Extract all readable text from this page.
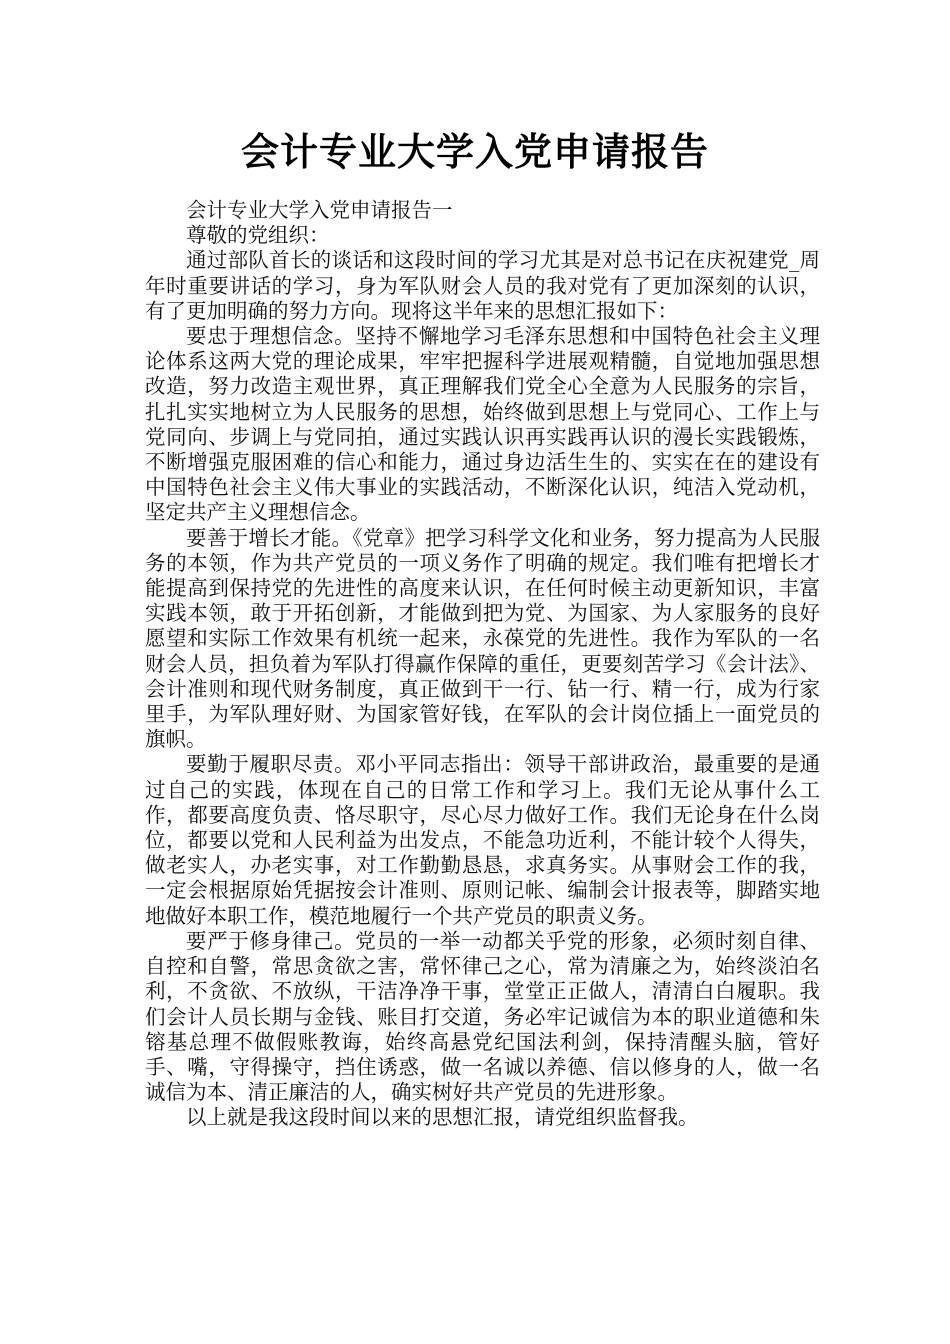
会计专业大学入党申请报告

会计专业大学入党申请报告一

尊敬的党组织：

通过部队首长的谈话和这段时间的学习尤其是对总书记在庆祝建党_周年时重要讲话的学习，身为军队财会人员的我对党有了更加深刻的认识，有了更加明确的努力方向。现将这半年来的思想汇报如下：

要忠于理想信念。坚持不懈地学习毛泽东思想和中国特色社会主义理论体系这两大党的理论成果，牢牢把握科学进展观精髓，自觉地加强思想改造，努力改造主观世界，真正理解我们党全心全意为人民服务的宗旨，扎扎实实地树立为人民服务的思想，始终做到思想上与党同心、工作上与党同向、步调上与党同拍，通过实践认识再实践再认识的漫长实践锻炼，不断增强克服困难的信心和能力，通过身边活生生的、实实在在的建设有中国特色社会主义伟大事业的实践活动，不断深化认识，纯洁入党动机，坚定共产主义理想信念。

要善于增长才能。《党章》把学习科学文化和业务，努力提高为人民服务的本领，作为共产党员的一项义务作了明确的规定。我们唯有把增长才能提高到保持党的先进性的高度来认识，在任何时候主动更新知识，丰富实践本领，敢于开拓创新，才能做到把为党、为国家、为人家服务的良好愿望和实际工作效果有机统一起来，永葆党的先进性。我作为军队的一名财会人员，担负着为军队打得赢作保障的重任，更要刻苦学习《会计法》、会计准则和现代财务制度，真正做到干一行、钻一行、精一行，成为行家里手，为军队理好财、为国家管好钱，在军队的会计岗位插上一面党员的旗帜。

要勤于履职尽责。邓小平同志指出：领导干部讲政治，最重要的是通过自己的实践，体现在自己的日常工作和学习上。我们无论从事什么工作，都要高度负责、恪尽职守，尽心尽力做好工作。我们无论身在什么岗位，都要以党和人民利益为出发点，不能急功近利，不能计较个人得失，做老实人，办老实事，对工作勤勤恳恳，求真务实。从事财会工作的我，一定会根据原始凭据按会计准则、原则记帐、编制会计报表等，脚踏实地地做好本职工作，模范地履行一个共产党员的职责义务。

要严于修身律己。党员的一举一动都关乎党的形象，必须时刻自律、自控和自警，常思贪欲之害，常怀律己之心，常为清廉之为，始终淡泊名利，不贪欲、不放纵，干洁净净干事，堂堂正正做人，清清白白履职。我们会计人员长期与金钱、账目打交道，务必牢记诚信为本的职业道德和朱镕基总理不做假账教诲，始终高悬党纪国法利剑，保持清醒头脑，管好手、嘴，守得操守，挡住诱惑，做一名诚以养德、信以修身的人，做一名诚信为本、清正廉洁的人，确实树好共产党员的先进形象。

以上就是我这段时间以来的思想汇报，请党组织监督我。
